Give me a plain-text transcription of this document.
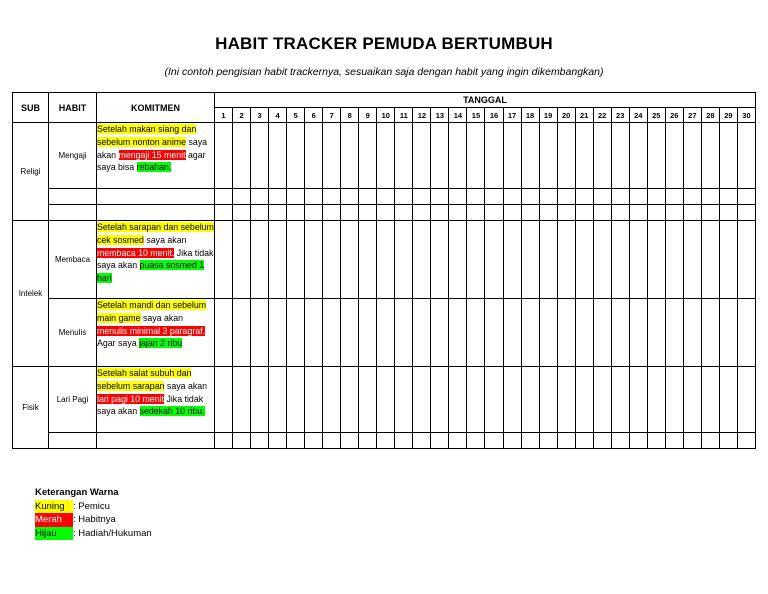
HABIT TRACKER PEMUDA BERTUMBUH
(Ini contoh pengisian habit trackernya, sesuaikan saja dengan habit yang ingin dikembangkan)
SUB	HABIT	KOMITMEN	TANGGAL																													
			1	2	3	4	5	6	7	8	9	10	11	12	13	14	15	16	17	18	19	20	21	22	23	24	25	26	27	28	29	30
Religi	Mengaji	Setelah makan siang dan sebelum nonton anime saya akan mengaji 15 menit agar saya bisa rebahan.																														

Intelek	Membaca	Setelah sarapan dan sebelum cek sosmed saya akan membaca 10 menit. Jika tidak saya akan puasa sosmed 1 hari																														
	Menulis	Setelah mandi dan sebelum main game saya akan menulis minimal 3 paragraf. Agar saya jajan 2 ribu																														
Fisik	Lari Pagi	Setelah salat subuh dan sebelum sarapan saya akan lari pagi 10 menit Jika tidak saya akan sedekah 10 ribu.																														

Keterangan Warna
Kuning : Pemicu
Merah : Habitnya
Hijau : Hadiah/Hukuman
